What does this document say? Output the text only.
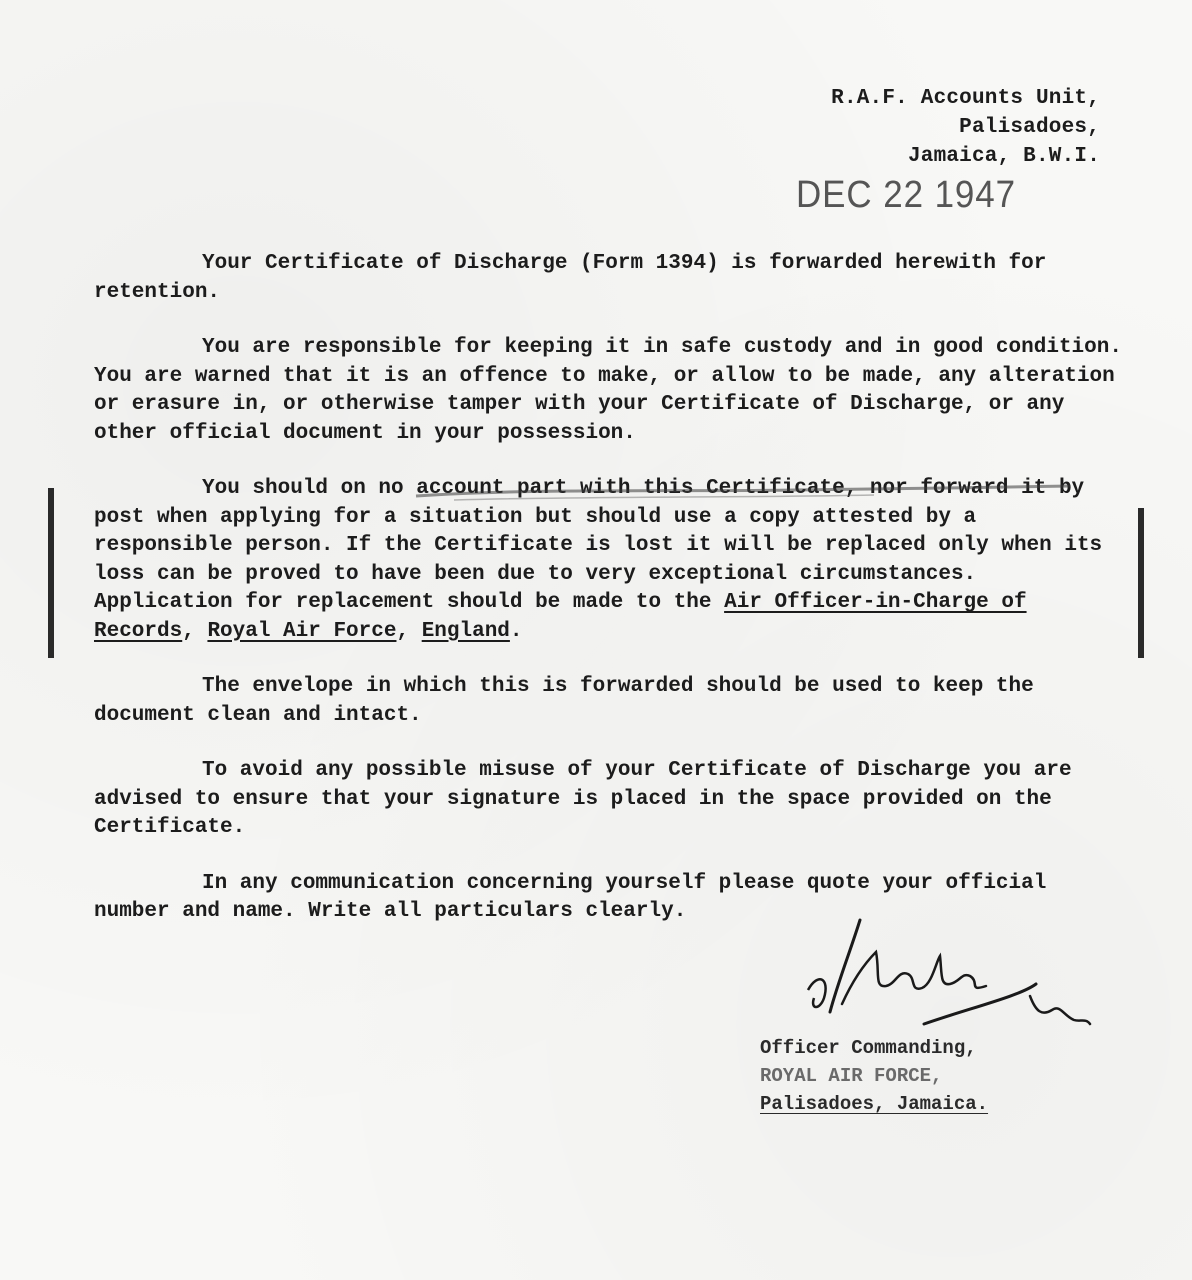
R.A.F. Accounts Unit,
Palisadoes,
Jamaica, B.W.I.
DEC 22 1947

Your Certificate of Discharge (Form 1394) is forwarded herewith for retention.

You are responsible for keeping it in safe custody and in good condition. You are warned that it is an offence to make, or allow to be made, any alteration or erasure in, or otherwise tamper with your Certificate of Discharge, or any other official document in your possession.

You should on no account part with this Certificate, nor forward it by post when applying for a situation but should use a copy attested by a responsible person. If the Certificate is lost it will be replaced only when its loss can be proved to have been due to very exceptional circumstances. Application for replacement should be made to the Air Officer-in-Charge of Records, Royal Air Force, England.

The envelope in which this is forwarded should be used to keep the document clean and intact.

To avoid any possible misuse of your Certificate of Discharge you are advised to ensure that your signature is placed in the space provided on the Certificate.

In any communication concerning yourself please quote your official number and name. Write all particulars clearly.

Officer Commanding,
ROYAL AIR FORCE,
Palisadoes, Jamaica.
